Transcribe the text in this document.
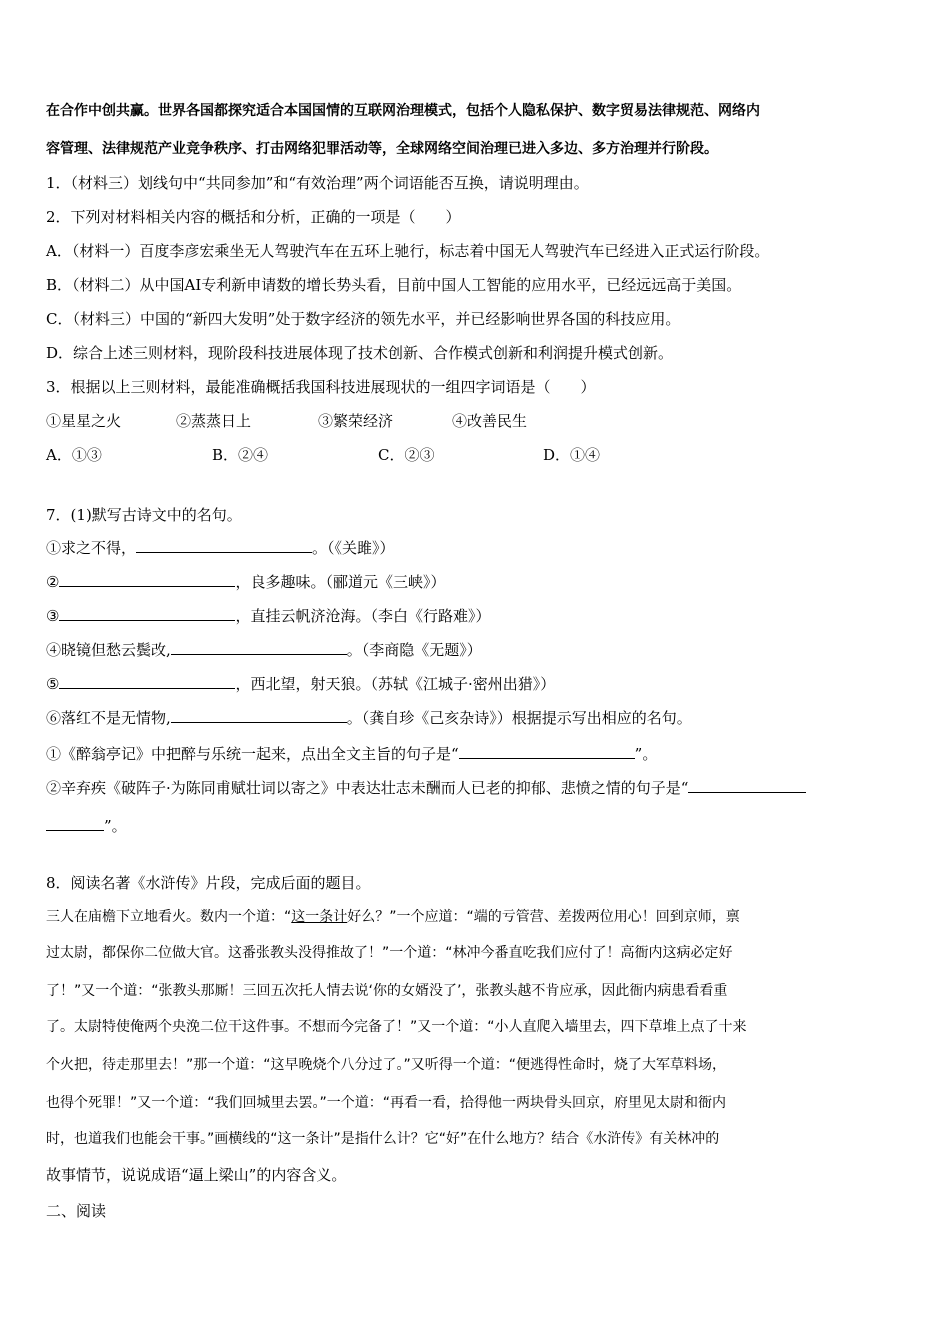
在合作中创共赢。世界各国都探究适合本国国情的互联网治理模式，包括个人隐私保护、数字贸易法律规范、网络内
容管理、法律规范产业竞争秩序、打击网络犯罪活动等，全球网络空间治理已进入多边、多方治理并行阶段。
1．（材料三）划线句中“共同参加”和“有效治理”两个词语能否互换，请说明理由。
2．下列对材料相关内容的概括和分析，正确的一项是（　　）
A．（材料一）百度李彦宏乘坐无人驾驶汽车在五环上驰行，标志着中国无人驾驶汽车已经进入正式运行阶段。
B．（材料二）从中国AI专利新申请数的增长势头看，目前中国人工智能的应用水平，已经远远高于美国。
C．（材料三）中国的“新四大发明”处于数字经济的领先水平，并已经影响世界各国的科技应用。
D．综合上述三则材料，现阶段科技进展体现了技术创新、合作模式创新和利润提升模式创新。
3．根据以上三则材料，最能准确概括我国科技进展现状的一组四字词语是（　　）
①星星之火	②蒸蒸日上	③繁荣经济	④改善民生
A．①③	B．②④	C．②③	D．①④
7．(1)默写古诗文中的名句。
①求之不得，	。（《关雎》）
②	，良多趣味。（郦道元《三峡》）
③	，直挂云帆济沧海。（李白《行路难》）
④晓镜但愁云鬓改,	。（李商隐《无题》）
⑤	，西北望，射天狼。（苏轼《江城子·密州出猎》）
⑥落红不是无情物,	。（龚自珍《己亥杂诗》）根据提示写出相应的名句。
①《醉翁亭记》中把醉与乐统一起来，点出全文主旨的句子是“	”。
②辛弃疾《破阵子·为陈同甫赋壮词以寄之》中表达壮志未酬而人已老的抑郁、悲愤之情的句子是“
”。
8．阅读名著《水浒传》片段，完成后面的题目。
三人在庙檐下立地看火。数内一个道：“这一条计好么？”一个应道：“端的亏管营、差拨两位用心！回到京师，禀
过太尉，都保你二位做大官。这番张教头没得推故了！”一个道：“林冲今番直吃我们应付了！高衙内这病必定好
了！”又一个道：“张教头那厮！三回五次托人情去说‘你的女婿没了’，张教头越不肯应承，因此衙内病患看看重
了。太尉特使俺两个央浼二位干这件事。不想而今完备了！”又一个道：“小人直爬入墙里去，四下草堆上点了十来
个火把，待走那里去！”那一个道：“这早晚烧个八分过了。”又听得一个道：“便逃得性命时，烧了大军草料场，
也得个死罪！”又一个道：“我们回城里去罢。”一个道：“再看一看，拾得他一两块骨头回京，府里见太尉和衙内
时，也道我们也能会干事。”画横线的“这一条计”是指什么计？它“好”在什么地方？结合《水浒传》有关林冲的
故事情节，说说成语“逼上梁山”的内容含义。
二、阅读
